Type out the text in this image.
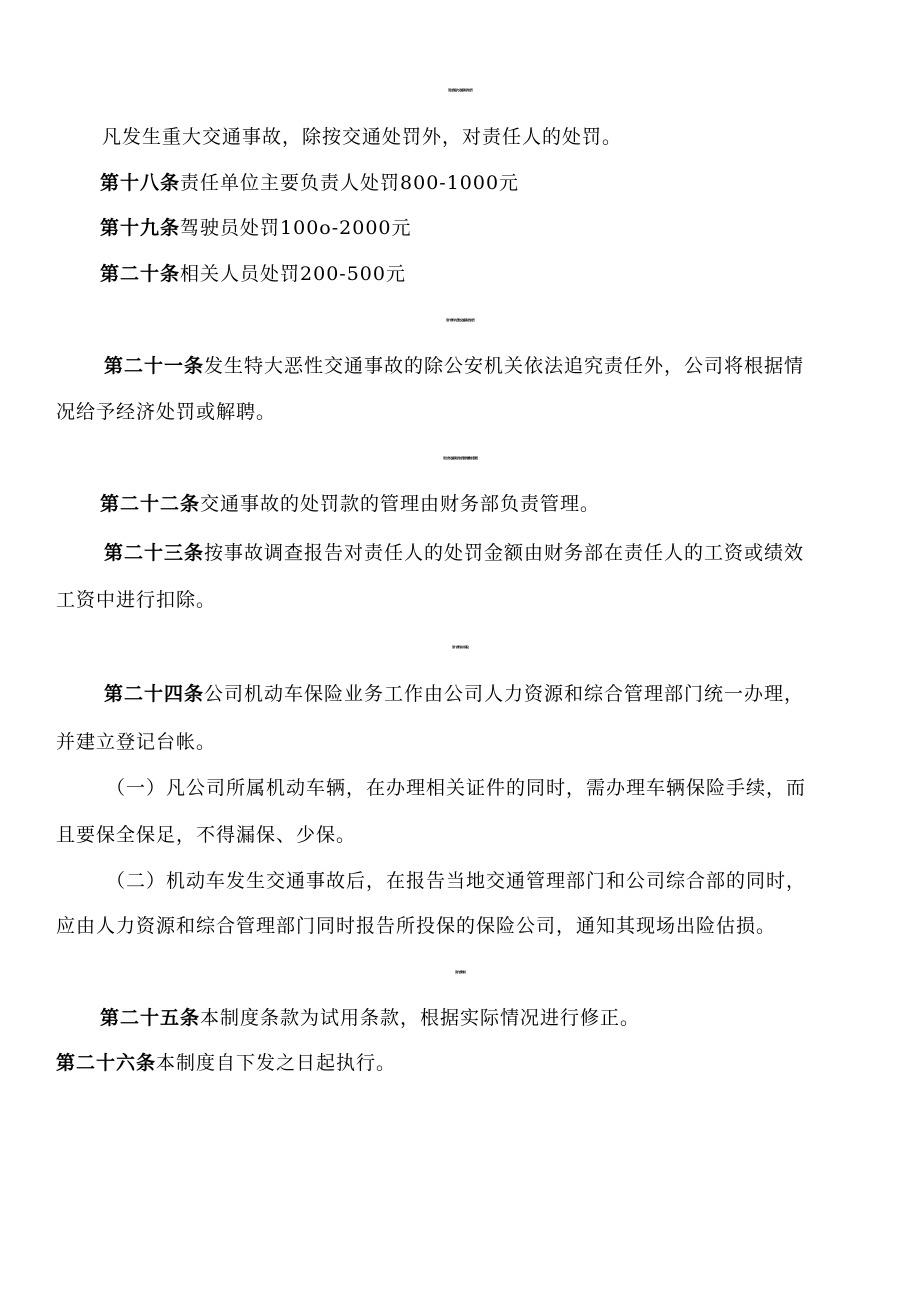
第五章重大交通事故的处罚
凡发生重大交通事故，除按交通处罚外，对责任人的处罚。
第十八条责任单位主要负责人处罚800-1000元
第十九条驾驶员处罚100o-2000元
第二十条相关人员处罚200-500元
第六章特大恶性交通事故的处罚
第二十一条发生特大恶性交通事故的除公安机关依法追究责任外，公司将根据情
况给予经济处罚或解聘。
第七章交通事故的处罚款的缴纳及管理
第二十二条交通事故的处罚款的管理由财务部负责管理。
第二十三条按事故调查报告对责任人的处罚金额由财务部在责任人的工资或绩效
工资中进行扣除。
第八章机动车保险
第二十四条公司机动车保险业务工作由公司人力资源和综合管理部门统一办理，
并建立登记台帐。
（一）凡公司所属机动车辆，在办理相关证件的同时，需办理车辆保险手续，而
且要保全保足，不得漏保、少保。
（二）机动车发生交通事故后，在报告当地交通管理部门和公司综合部的同时，
应由人力资源和综合管理部门同时报告所投保的保险公司，通知其现场出险估损。
第九章附则
第二十五条本制度条款为试用条款，根据实际情况进行修正。
第二十六条本制度自下发之日起执行。
